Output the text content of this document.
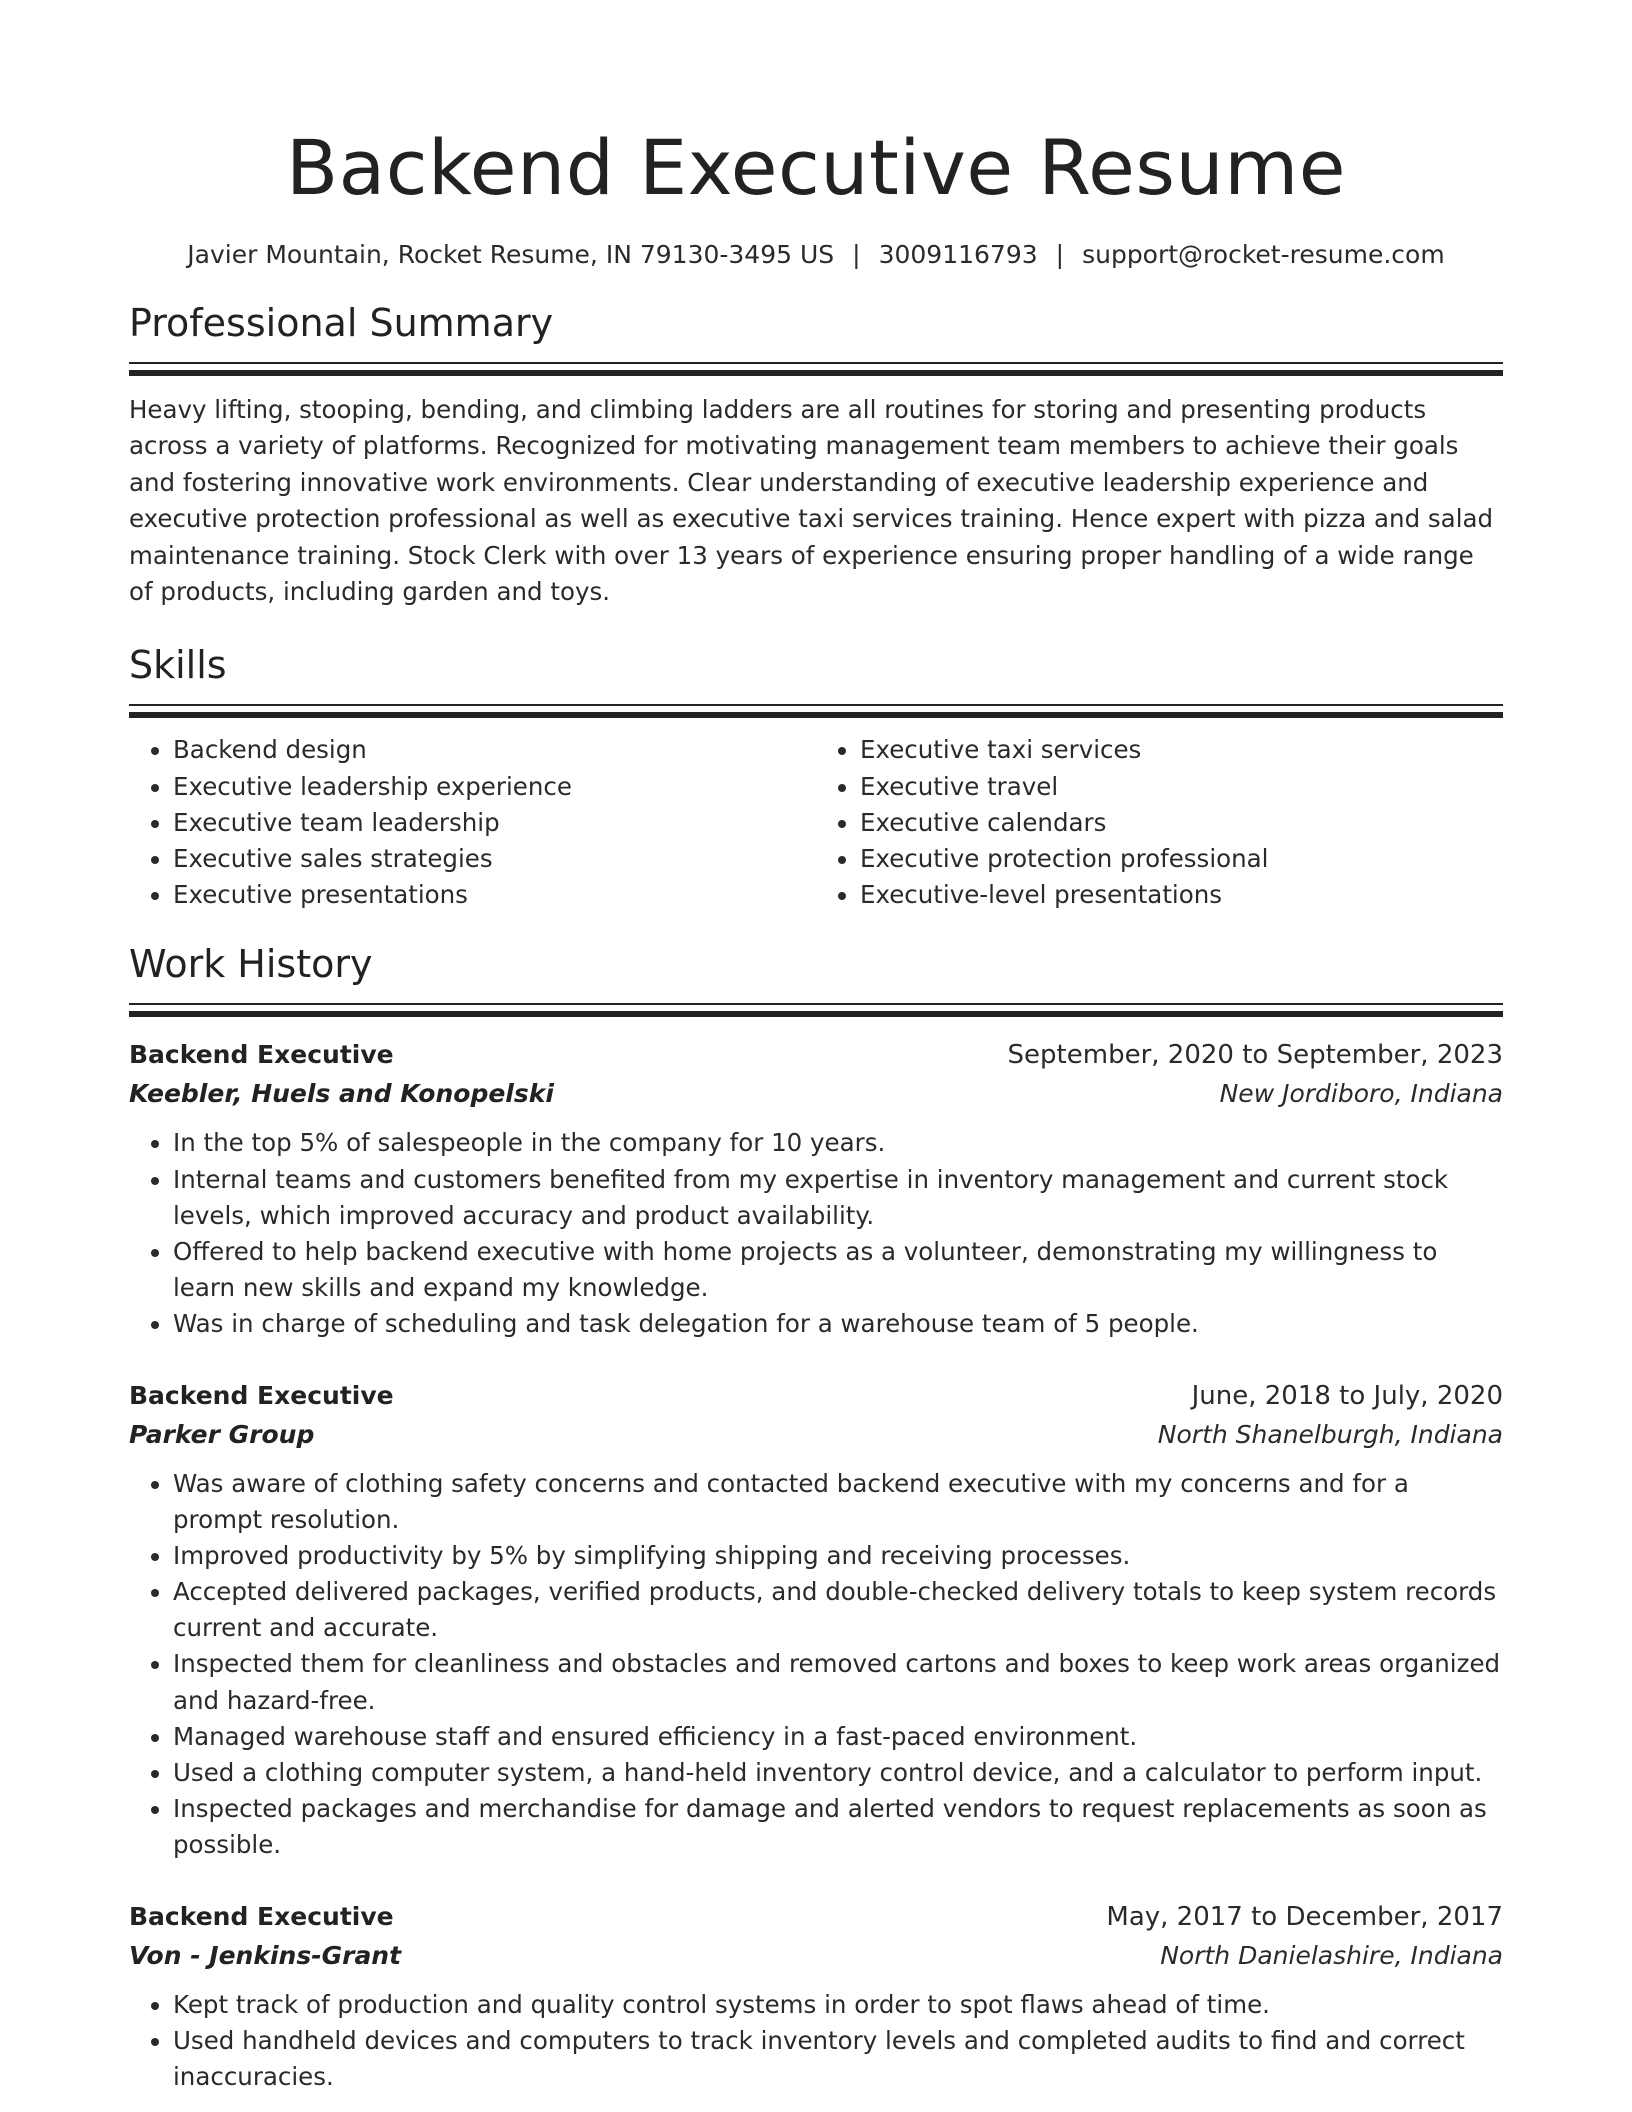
Backend Executive Resume
Javier Mountain, Rocket Resume, IN 79130-3495 US | 3009116793 | support@rocket-resume.com
Professional Summary

Heavy lifting, stooping, bending, and climbing ladders are all routines for storing and presenting products across a variety of platforms. Recognized for motivating management team members to achieve their goals and fostering innovative work environments. Clear understanding of executive leadership experience and executive protection professional as well as executive taxi services training. Hence expert with pizza and salad maintenance training. Stock Clerk with over 13 years of experience ensuring proper handling of a wide range of products, including garden and toys.

Skills
• Backend design
• Executive leadership experience
• Executive team leadership
• Executive sales strategies
• Executive presentations
• Executive taxi services
• Executive travel
• Executive calendars
• Executive protection professional
• Executive-level presentations
Work History
Backend Executive	September, 2020 to September, 2023
Keebler, Huels and Konopelski	New Jordiboro, Indiana
• In the top 5% of salespeople in the company for 10 years.
• Internal teams and customers benefited from my expertise in inventory management and current stock levels, which improved accuracy and product availability.
• Offered to help backend executive with home projects as a volunteer, demonstrating my willingness to learn new skills and expand my knowledge.
• Was in charge of scheduling and task delegation for a warehouse team of 5 people.
Backend Executive	June, 2018 to July, 2020
Parker Group	North Shanelburgh, Indiana
• Was aware of clothing safety concerns and contacted backend executive with my concerns and for a prompt resolution.
• Improved productivity by 5% by simplifying shipping and receiving processes.
• Accepted delivered packages, verified products, and double-checked delivery totals to keep system records current and accurate.
• Inspected them for cleanliness and obstacles and removed cartons and boxes to keep work areas organized and hazard-free.
• Managed warehouse staff and ensured efficiency in a fast-paced environment.
• Used a clothing computer system, a hand-held inventory control device, and a calculator to perform input.
• Inspected packages and merchandise for damage and alerted vendors to request replacements as soon as possible.
Backend Executive	May, 2017 to December, 2017
Von - Jenkins-Grant	North Danielashire, Indiana
• Kept track of production and quality control systems in order to spot flaws ahead of time.
• Used handheld devices and computers to track inventory levels and completed audits to find and correct inaccuracies.
